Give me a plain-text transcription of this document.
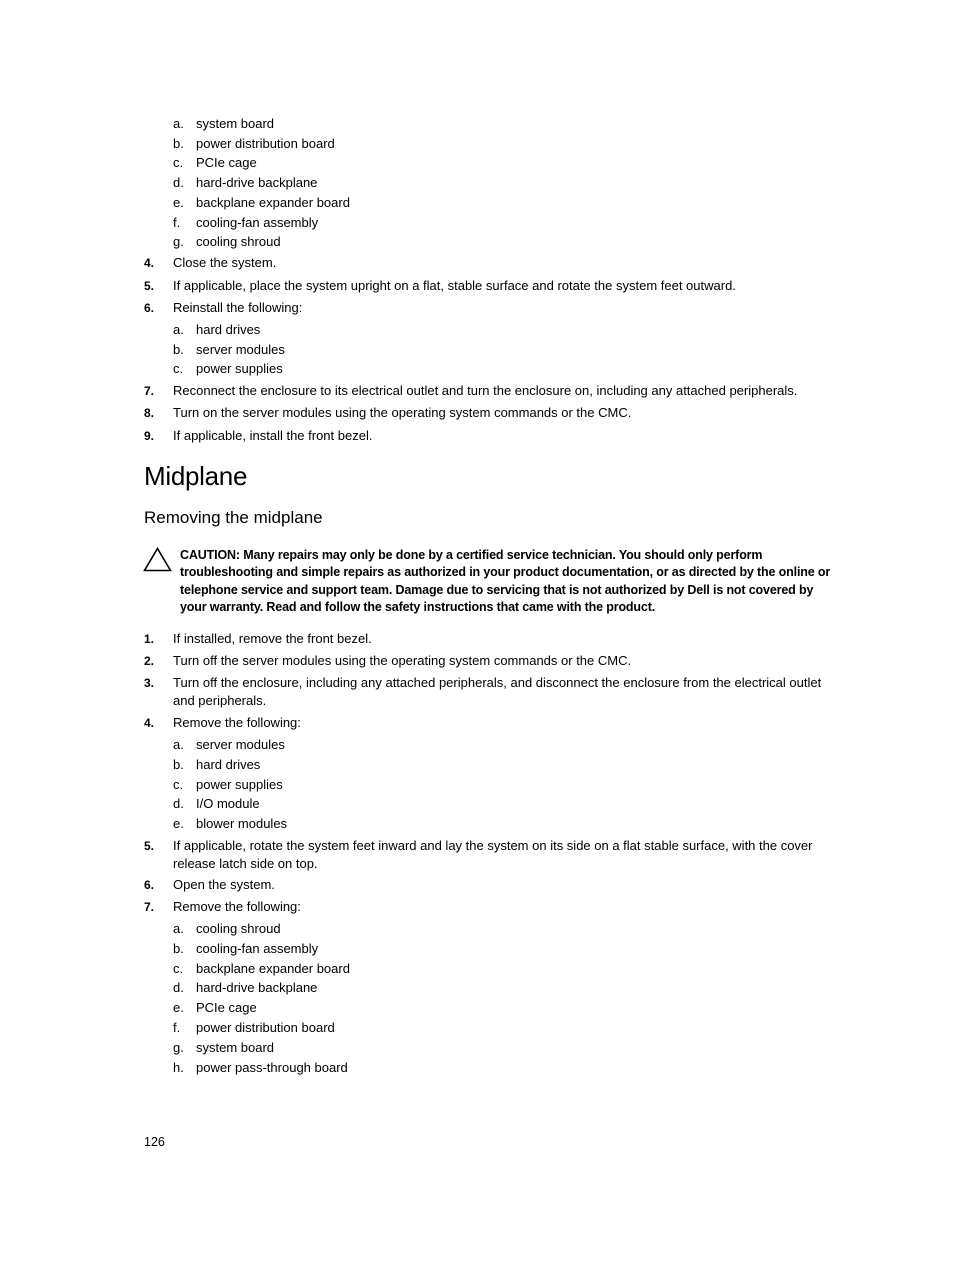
a. system board
b. power distribution board
c. PCIe cage
d. hard-drive backplane
e. backplane expander board
f. cooling-fan assembly
g. cooling shroud
4. Close the system.
5. If applicable, place the system upright on a flat, stable surface and rotate the system feet outward.
6. Reinstall the following:
a. hard drives
b. server modules
c. power supplies
7. Reconnect the enclosure to its electrical outlet and turn the enclosure on, including any attached peripherals.
8. Turn on the server modules using the operating system commands or the CMC.
9. If applicable, install the front bezel.
Midplane
Removing the midplane
CAUTION: Many repairs may only be done by a certified service technician. You should only perform troubleshooting and simple repairs as authorized in your product documentation, or as directed by the online or telephone service and support team. Damage due to servicing that is not authorized by Dell is not covered by your warranty. Read and follow the safety instructions that came with the product.
1. If installed, remove the front bezel.
2. Turn off the server modules using the operating system commands or the CMC.
3. Turn off the enclosure, including any attached peripherals, and disconnect the enclosure from the electrical outlet and peripherals.
4. Remove the following:
a. server modules
b. hard drives
c. power supplies
d. I/O module
e. blower modules
5. If applicable, rotate the system feet inward and lay the system on its side on a flat stable surface, with the cover release latch side on top.
6. Open the system.
7. Remove the following:
a. cooling shroud
b. cooling-fan assembly
c. backplane expander board
d. hard-drive backplane
e. PCIe cage
f. power distribution board
g. system board
h. power pass-through board
126
